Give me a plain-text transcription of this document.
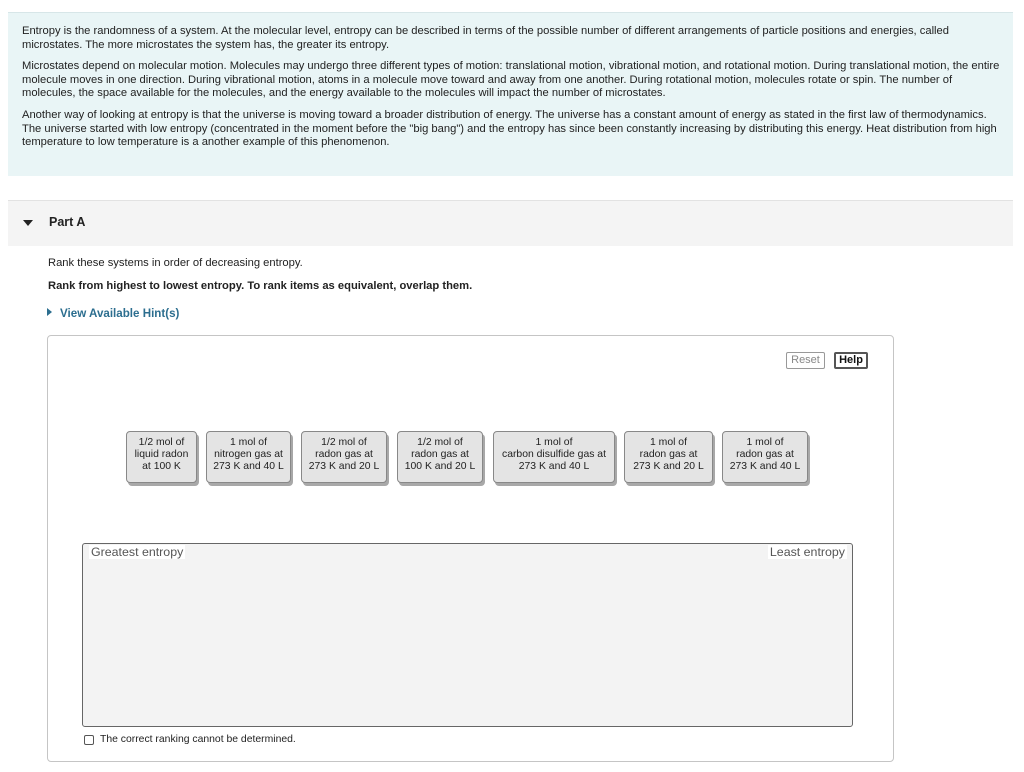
Entropy is the randomness of a system. At the molecular level, entropy can be described in terms of the possible number of different arrangements of particle positions and energies, called microstates. The more microstates the system has, the greater its entropy.

Microstates depend on molecular motion. Molecules may undergo three different types of motion: translational motion, vibrational motion, and rotational motion. During translational motion, the entire molecule moves in one direction. During vibrational motion, atoms in a molecule move toward and away from one another. During rotational motion, molecules rotate or spin. The number of molecules, the space available for the molecules, and the energy available to the molecules will impact the number of microstates.

Another way of looking at entropy is that the universe is moving toward a broader distribution of energy. The universe has a constant amount of energy as stated in the first law of thermodynamics. The universe started with low entropy (concentrated in the moment before the "big bang") and the entropy has since been constantly increasing by distributing this energy. Heat distribution from high temperature to low temperature is a another example of this phenomenon.

Part A
Rank these systems in order of decreasing entropy.
Rank from highest to lowest entropy. To rank items as equivalent, overlap them.
View Available Hint(s)
Reset	Help
1/2 mol of
liquid radon
at 100 K
1 mol of
nitrogen gas at
273 K and 40 L
1/2 mol of
radon gas at
273 K and 20 L
1/2 mol of
radon gas at
100 K and 20 L
1 mol of
carbon disulfide gas at
273 K and 40 L
1 mol of
radon gas at
273 K and 20 L
1 mol of
radon gas at
273 K and 40 L
Greatest entropy	Least entropy
The correct ranking cannot be determined.
